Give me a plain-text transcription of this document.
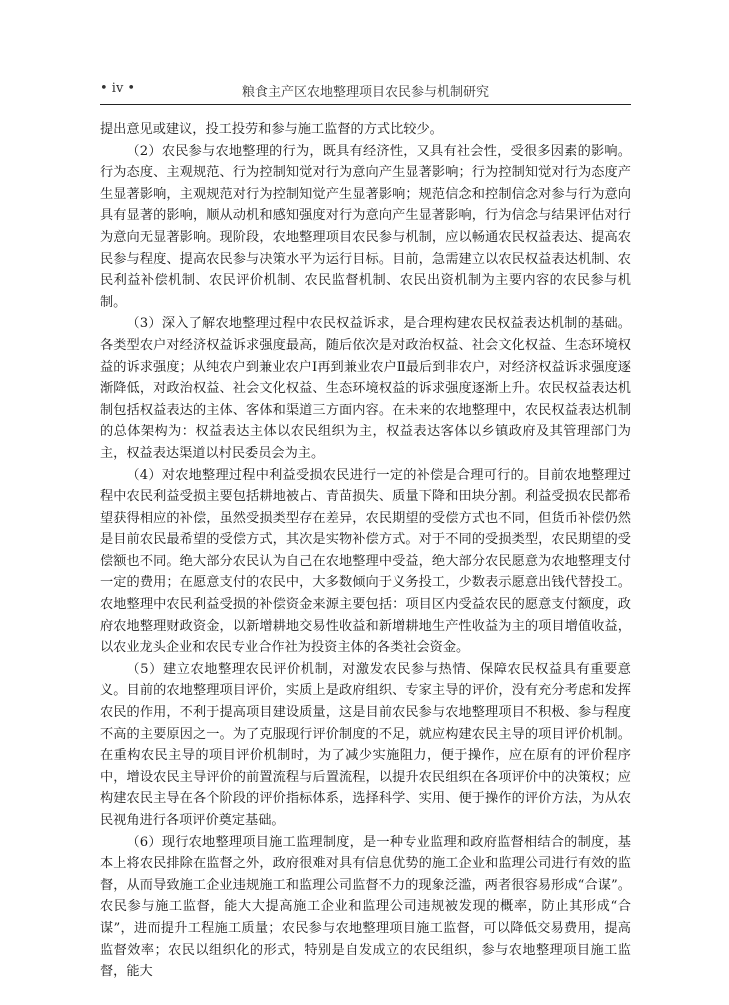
• iv •	粮食主产区农地整理项目农民参与机制研究

提出意见或建议，投工投劳和参与施工监督的方式比较少。

（2）农民参与农地整理的行为，既具有经济性，又具有社会性，受很多因素的影响。行为态度、主观规范、行为控制知觉对行为意向产生显著影响；行为控制知觉对行为态度产生显著影响，主观规范对行为控制知觉产生显著影响；规范信念和控制信念对参与行为意向具有显著的影响，顺从动机和感知强度对行为意向产生显著影响，行为信念与结果评估对行为意向无显著影响。现阶段，农地整理项目农民参与机制，应以畅通农民权益表达、提高农民参与程度、提高农民参与决策水平为运行目标。目前，急需建立以农民权益表达机制、农民利益补偿机制、农民评价机制、农民监督机制、农民出资机制为主要内容的农民参与机制。

（3）深入了解农地整理过程中农民权益诉求，是合理构建农民权益表达机制的基础。各类型农户对经济权益诉求强度最高，随后依次是对政治权益、社会文化权益、生态环境权益的诉求强度；从纯农户到兼业农户Ⅰ再到兼业农户Ⅱ最后到非农户，对经济权益诉求强度逐渐降低，对政治权益、社会文化权益、生态环境权益的诉求强度逐渐上升。农民权益表达机制包括权益表达的主体、客体和渠道三方面内容。在未来的农地整理中，农民权益表达机制的总体架构为：权益表达主体以农民组织为主，权益表达客体以乡镇政府及其管理部门为主，权益表达渠道以村民委员会为主。

（4）对农地整理过程中利益受损农民进行一定的补偿是合理可行的。目前农地整理过程中农民利益受损主要包括耕地被占、青苗损失、质量下降和田块分割。利益受损农民都希望获得相应的补偿，虽然受损类型存在差异，农民期望的受偿方式也不同，但货币补偿仍然是目前农民最希望的受偿方式，其次是实物补偿方式。对于不同的受损类型，农民期望的受偿额也不同。绝大部分农民认为自己在农地整理中受益，绝大部分农民愿意为农地整理支付一定的费用；在愿意支付的农民中，大多数倾向于义务投工，少数表示愿意出钱代替投工。农地整理中农民利益受损的补偿资金来源主要包括：项目区内受益农民的愿意支付额度，政府农地整理财政资金，以新增耕地交易性收益和新增耕地生产性收益为主的项目增值收益，以农业龙头企业和农民专业合作社为投资主体的各类社会资金。

（5）建立农地整理农民评价机制，对激发农民参与热情、保障农民权益具有重要意义。目前的农地整理项目评价，实质上是政府组织、专家主导的评价，没有充分考虑和发挥农民的作用，不利于提高项目建设质量，这是目前农民参与农地整理项目不积极、参与程度不高的主要原因之一。为了克服现行评价制度的不足，就应构建农民主导的项目评价机制。在重构农民主导的项目评价机制时，为了减少实施阻力，便于操作，应在原有的评价程序中，增设农民主导评价的前置流程与后置流程，以提升农民组织在各项评价中的决策权；应构建农民主导在各个阶段的评价指标体系，选择科学、实用、便于操作的评价方法，为从农民视角进行各项评价奠定基础。

（6）现行农地整理项目施工监理制度，是一种专业监理和政府监督相结合的制度，基本上将农民排除在监督之外，政府很难对具有信息优势的施工企业和监理公司进行有效的监督，从而导致施工企业违规施工和监理公司监督不力的现象泛滥，两者很容易形成“合谋”。农民参与施工监督，能大大提高施工企业和监理公司违规被发现的概率，防止其形成“合谋”，进而提升工程施工质量；农民参与农地整理项目施工监督，可以降低交易费用，提高监督效率；农民以组织化的形式，特别是自发成立的农民组织，参与农地整理项目施工监督，能大
